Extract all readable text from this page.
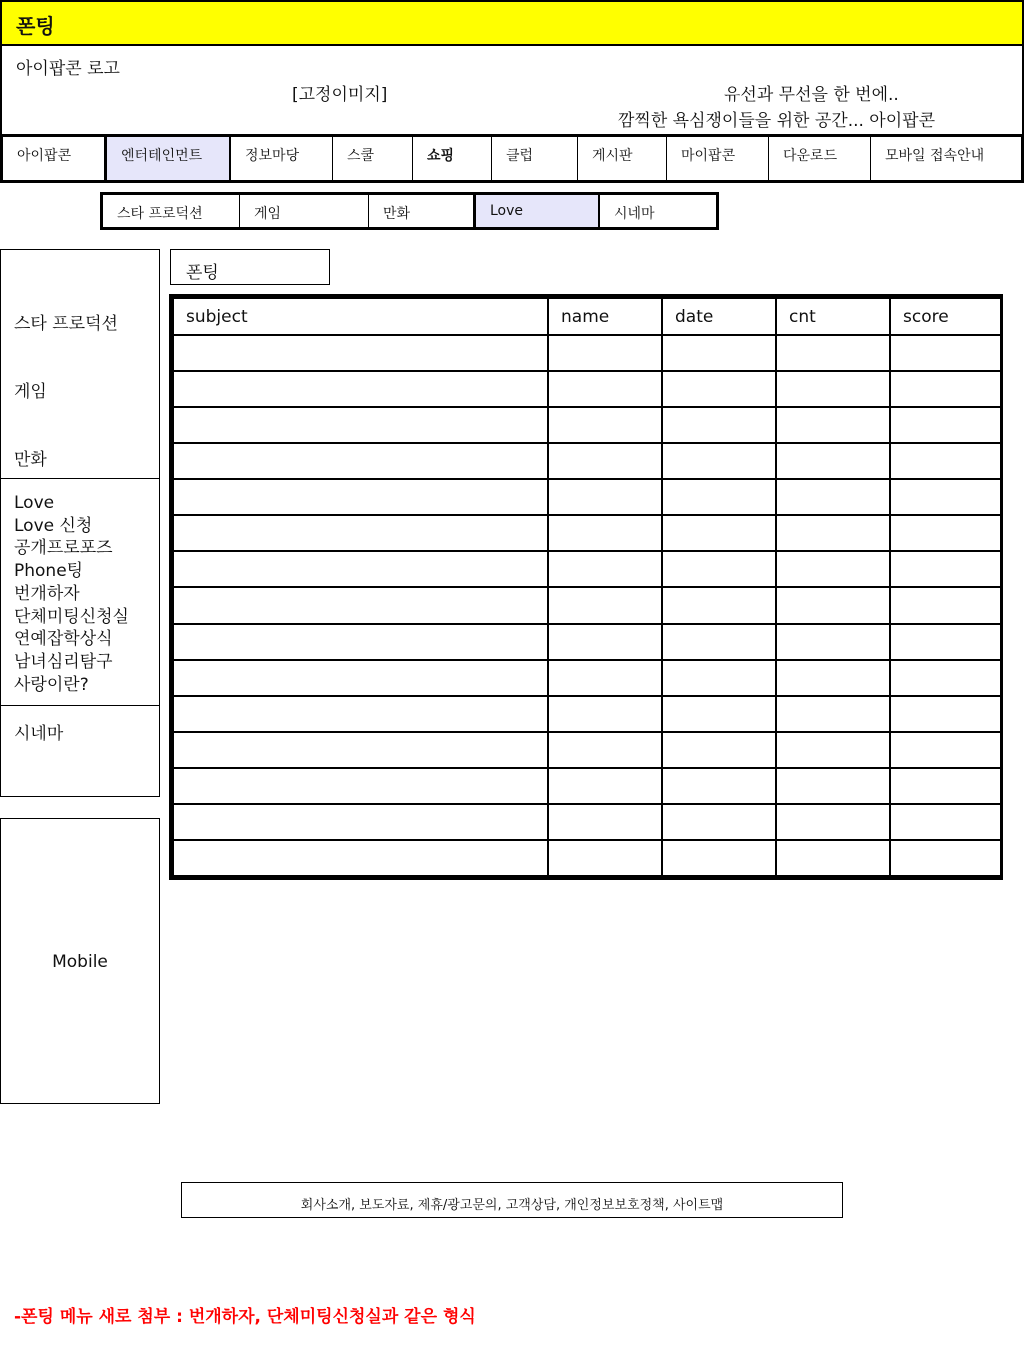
폰팅
아이팝콘 로고
[고정이미지]	유선과 무선을 한 번에..
깜찍한 욕심쟁이들을 위한 공간... 아이팝콘
아이팝콘	엔터테인먼트	정보마당	스쿨	쇼핑	클럽	게시판	마이팝콘	다운로드	모바일 접속안내
스타 프로덕션	게임	만화	Love	시네마
스타 프로덕션
게임
만화
Love
Love 신청
공개프로포즈
Phone팅
번개하자
단체미팅신청실
연예잡학상식
남녀심리탐구
사랑이란?
시네마
Mobile
폰팅
subject	name	date	cnt	score

회사소개, 보도자료, 제휴/광고문의, 고객상담, 개인정보보호정책, 사이트맵
-폰팅 메뉴 새로 첨부 : 번개하자, 단체미팅신청실과 같은 형식
